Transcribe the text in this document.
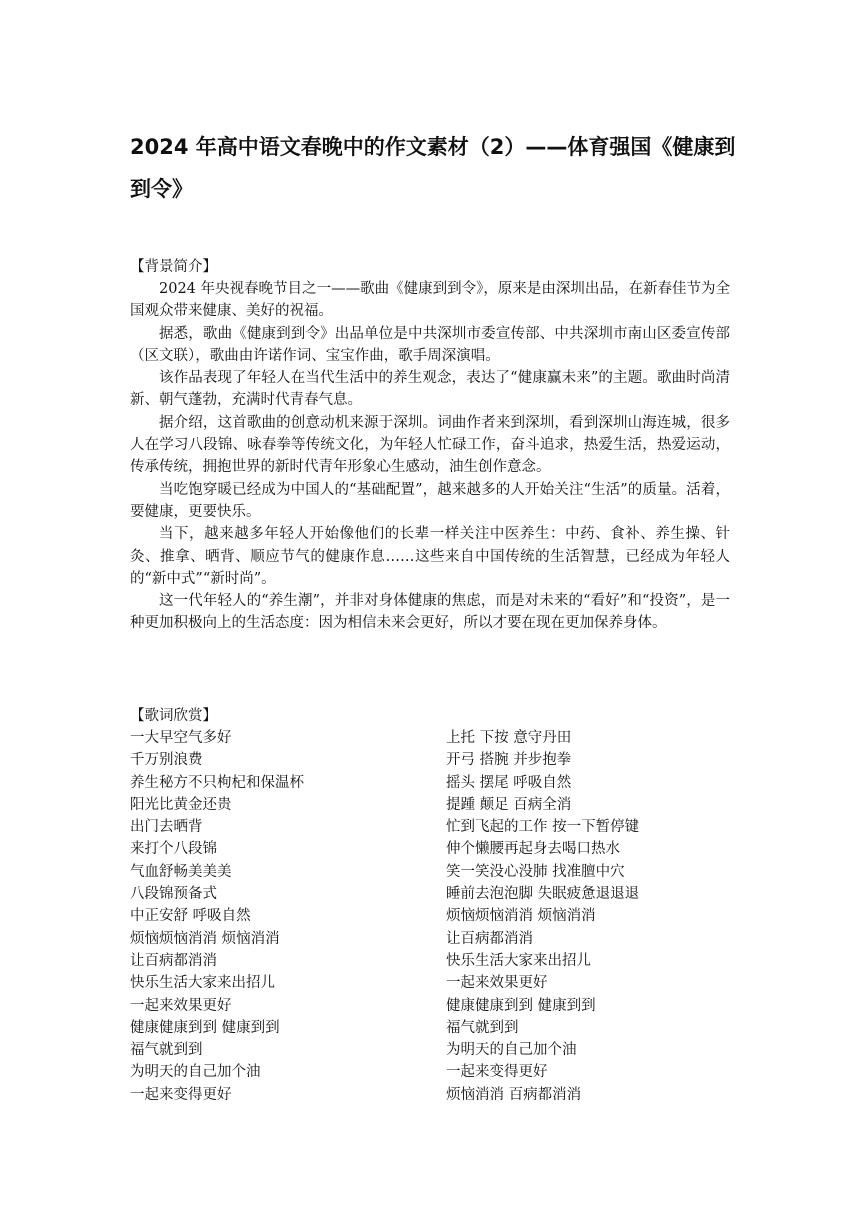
2024 年高中语文春晚中的作文素材（2）——体育强国《健康到到令》

【背景简介】

2024 年央视春晚节目之一——歌曲《健康到到令》，原来是由深圳出品，在新春佳节为全国观众带来健康、美好的祝福。

据悉，歌曲《健康到到令》出品单位是中共深圳市委宣传部、中共深圳市南山区委宣传部（区文联），歌曲由许诺作词、宝宝作曲，歌手周深演唱。

该作品表现了年轻人在当代生活中的养生观念，表达了“健康赢未来”的主题。歌曲时尚清新、朝气蓬勃，充满时代青春气息。

据介绍，这首歌曲的创意动机来源于深圳。词曲作者来到深圳，看到深圳山海连城，很多人在学习八段锦、咏春拳等传统文化，为年轻人忙碌工作，奋斗追求，热爱生活，热爱运动，传承传统，拥抱世界的新时代青年形象心生感动，油生创作意念。

当吃饱穿暖已经成为中国人的“基础配置”，越来越多的人开始关注“生活”的质量。活着，要健康，更要快乐。

当下，越来越多年轻人开始像他们的长辈一样关注中医养生：中药、食补、养生操、针灸、推拿、晒背、顺应节气的健康作息……这些来自中国传统的生活智慧，已经成为年轻人的“新中式”“新时尚”。

这一代年轻人的“养生潮”，并非对身体健康的焦虑，而是对未来的“看好”和“投资”，是一种更加积极向上的生活态度：因为相信未来会更好，所以才要在现在更加保养身体。

【歌词欣赏】

一大早空气多好
千万别浪费
养生秘方不只枸杞和保温杯
阳光比黄金还贵
出门去晒背
来打个八段锦
气血舒畅美美美
八段锦预备式
中正安舒 呼吸自然
烦恼烦恼消消 烦恼消消
让百病都消消
快乐生活大家来出招儿
一起来效果更好
健康健康到到 健康到到
福气就到到
为明天的自己加个油
一起来变得更好
上托 下按 意守丹田
开弓 搭腕 并步抱拳
摇头 摆尾 呼吸自然
提踵 颠足 百病全消
忙到飞起的工作 按一下暂停键
伸个懒腰再起身去喝口热水
笑一笑没心没肺 找准膻中穴
睡前去泡泡脚 失眠疲惫退退退
烦恼烦恼消消 烦恼消消
让百病都消消
快乐生活大家来出招儿
一起来效果更好
健康健康到到 健康到到
福气就到到
为明天的自己加个油
一起来变得更好
烦恼消消 百病都消消
